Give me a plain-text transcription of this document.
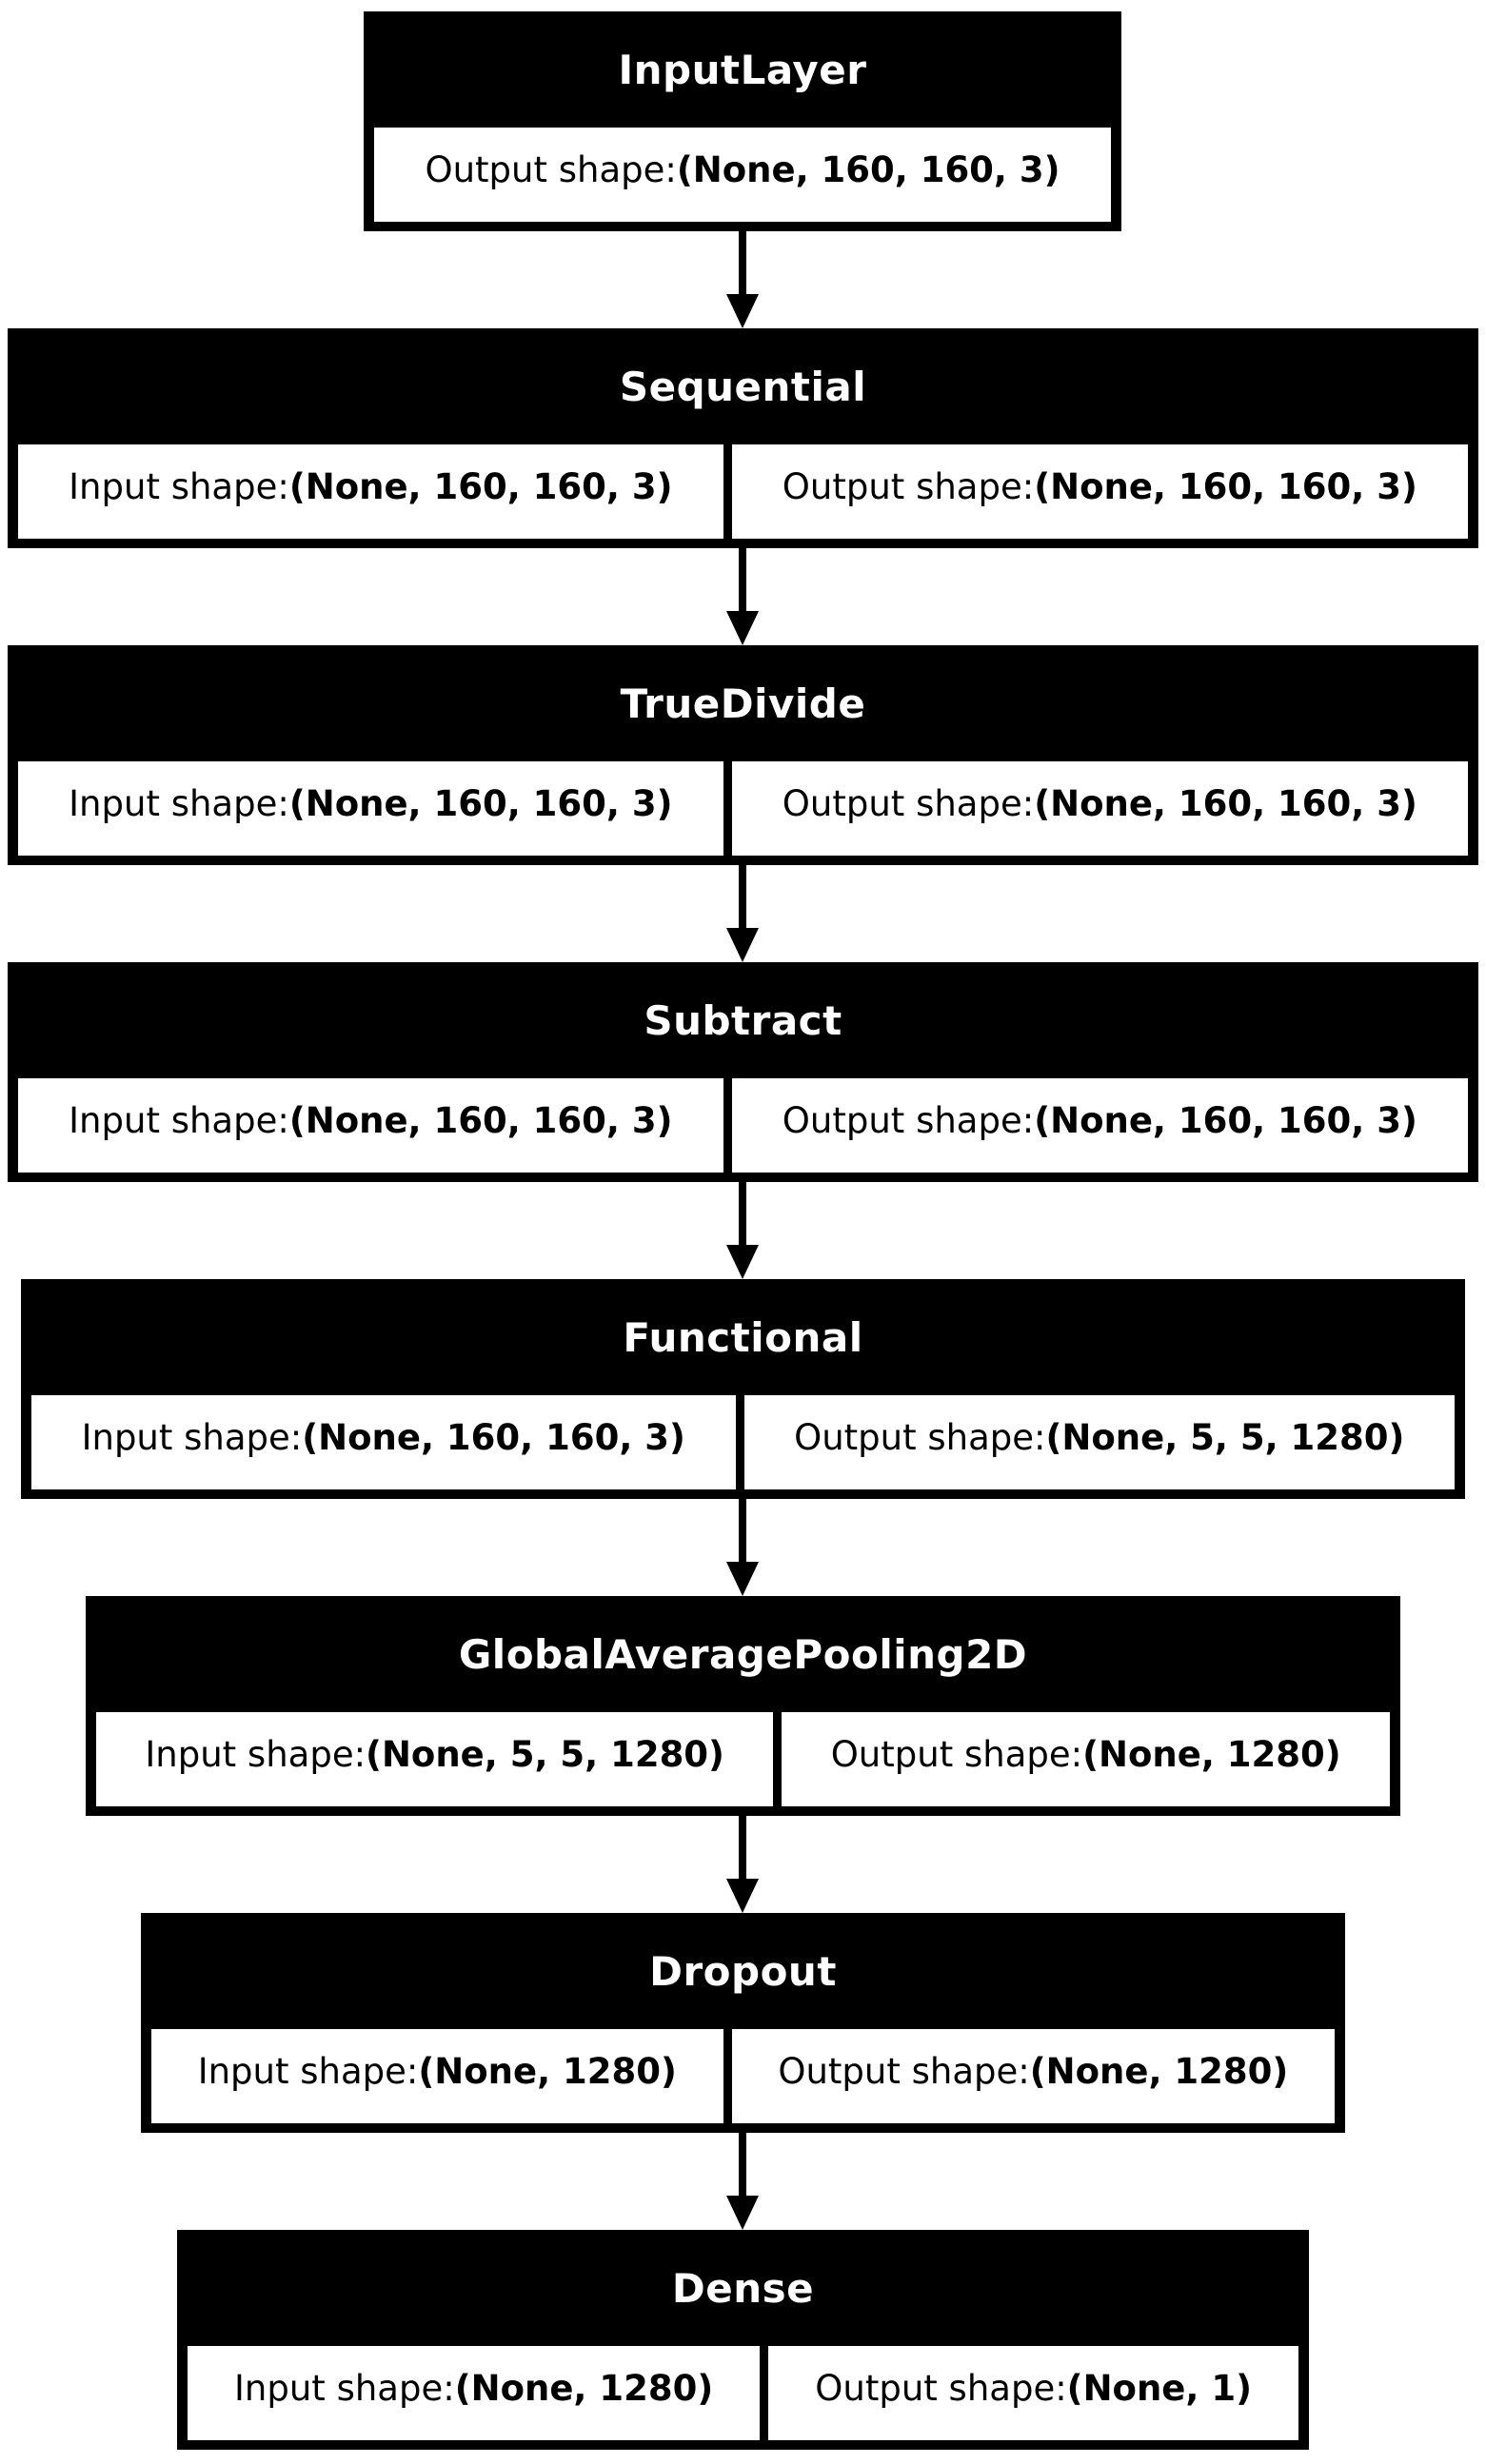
InputLayer
Output shape: (None, 160, 160, 3)
Sequential
Input shape: (None, 160, 160, 3)	Output shape: (None, 160, 160, 3)
TrueDivide
Input shape: (None, 160, 160, 3)	Output shape: (None, 160, 160, 3)
Subtract
Input shape: (None, 160, 160, 3)	Output shape: (None, 160, 160, 3)
Functional
Input shape: (None, 160, 160, 3)	Output shape: (None, 5, 5, 1280)
GlobalAveragePooling2D
Input shape: (None, 5, 5, 1280)	Output shape: (None, 1280)
Dropout
Input shape: (None, 1280)	Output shape: (None, 1280)
Dense
Input shape: (None, 1280)	Output shape: (None, 1)
